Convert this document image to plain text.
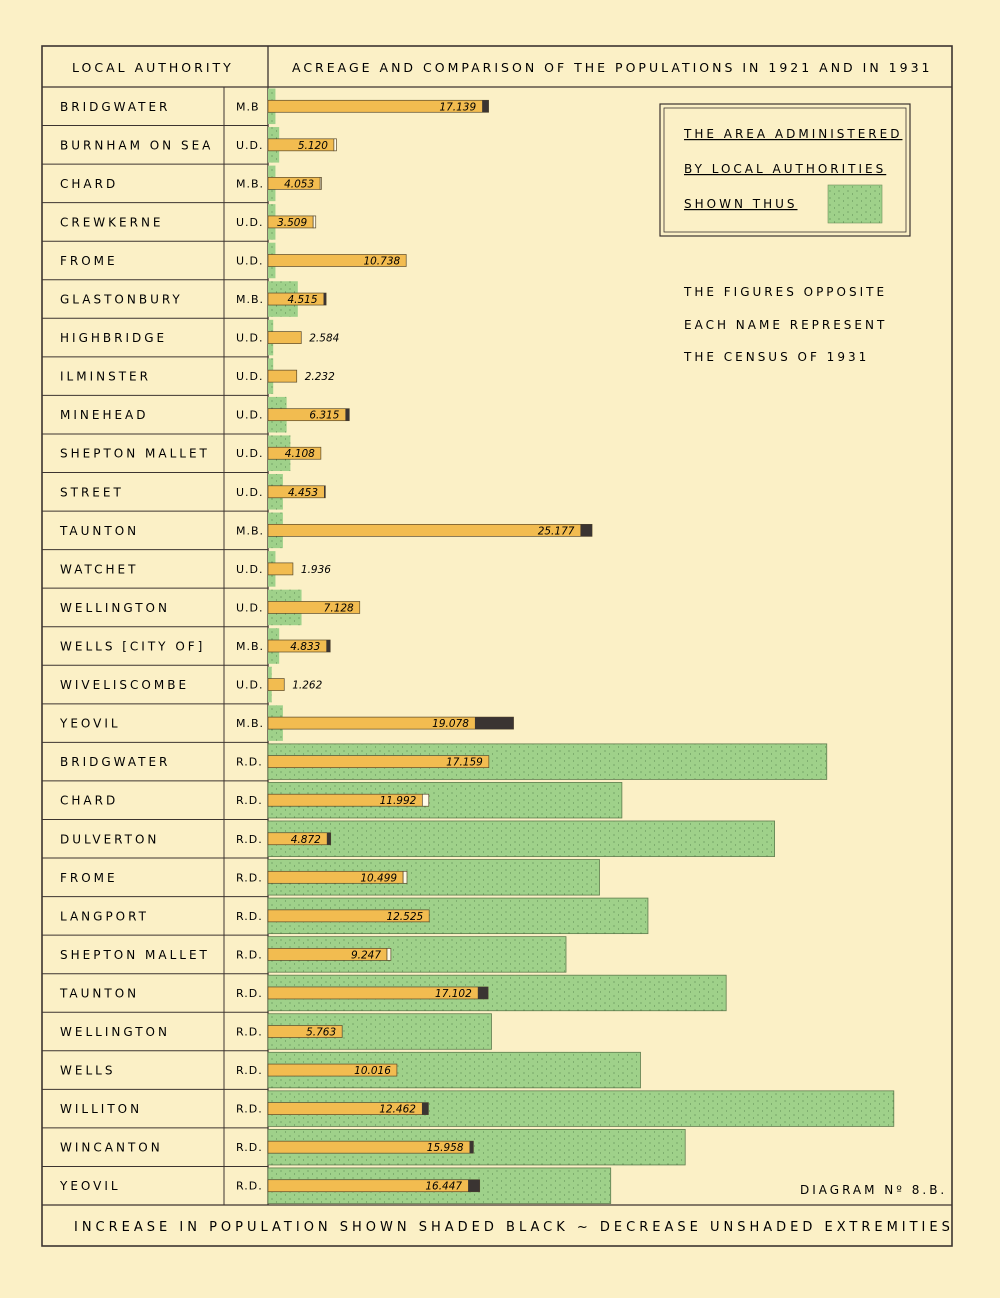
LOCAL AUTHORITY	ACREAGE AND COMPARISON OF THE POPULATIONS IN 1921 AND IN 1931
BRIDGWATER	M.B	17.139
BURNHAM ON SEA U.D.	5.120
CHARD	M.B. 4.053
CREWKERNE	U.D. 3.509
FROME	U.D.	10.738
GLASTONBURY	M.B. 4.515
HIGHBRIDGE	U.D.	2.584
ILMINSTER	U.D.	2.232
MINEHEAD	U.D.	6.315
SHEPTON MALLET U.D. 4.108
STREET	U.D. 4.453
TAUNTON	M.B.	25.177
WATCHET	U.D.	1.936
WELLINGTON	U.D.	7.128
WELLS [CITY OF]	M.B. 4.833
WIVELISCOMBE	U.D.	1.262
YEOVIL	M.B.	19.078
BRIDGWATER	R.D.	17.159
CHARD	R.D.	11.992
DULVERTON	R.D.	4.872
FROME	R.D.	10.499
LANGPORT	R.D.	12.525
SHEPTON MALLET R.D.	9.247
TAUNTON	R.D.	17.102
WELLINGTON	R.D.	5.763
WELLS	R.D.	10.016
WILLITON	R.D.	12.462
WINCANTON	R.D.	15.958
YEOVIL	R.D.	16.447
THE AREA ADMINISTERED
BY LOCAL AUTHORITIES
SHOWN THUS
THE FIGURES OPPOSITE
EACH NAME REPRESENT
THE CENSUS OF 1931
DIAGRAM Nº 8.B.
INCREASE IN POPULATION SHOWN SHADED BLACK ~ DECREASE UNSHADED EXTREMITIES
